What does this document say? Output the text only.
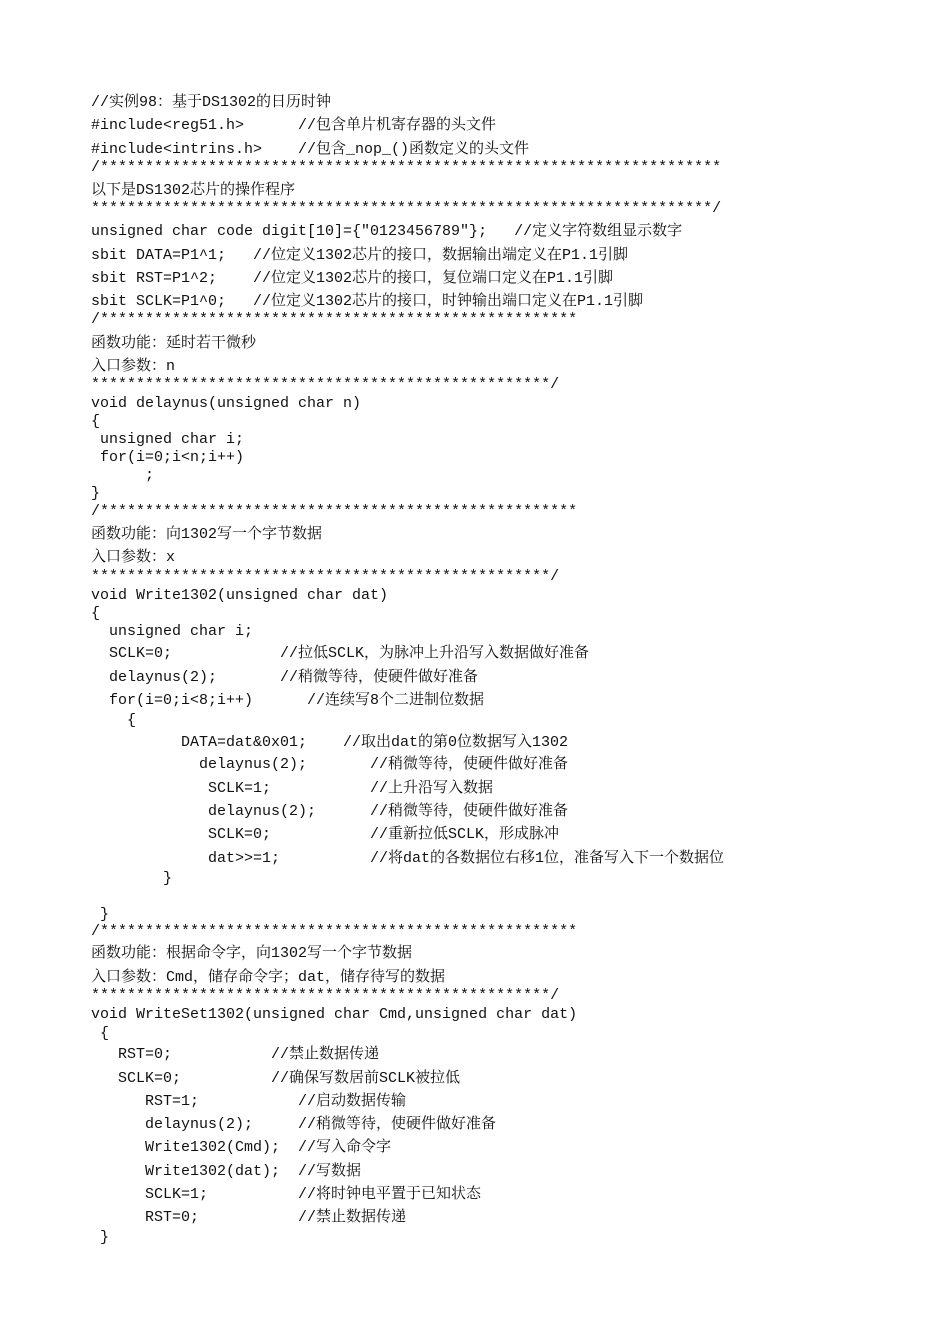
//实例98：基于DS1302的日历时钟
#include<reg51.h>      //包含单片机寄存器的头文件
#include<intrins.h>    //包含_nop_()函数定义的头文件
/*********************************************************************
以下是DS1302芯片的操作程序
*********************************************************************/
unsigned char code digit[10]={"0123456789"};   //定义字符数组显示数字
sbit DATA=P1^1;   //位定义1302芯片的接口，数据输出端定义在P1.1引脚
sbit RST=P1^2;    //位定义1302芯片的接口，复位端口定义在P1.1引脚
sbit SCLK=P1^0;   //位定义1302芯片的接口，时钟输出端口定义在P1.1引脚
/*****************************************************
函数功能：延时若干微秒
入口参数：n
***************************************************/
void delaynus(unsigned char n)
{
unsigned char i;
for(i=0;i<n;i++)
;
}
/*****************************************************
函数功能：向1302写一个字节数据
入口参数：x
***************************************************/
void Write1302(unsigned char dat)
{
unsigned char i;
SCLK=0;            //拉低SCLK，为脉冲上升沿写入数据做好准备
delaynus(2);       //稍微等待，使硬件做好准备
for(i=0;i<8;i++)      //连续写8个二进制位数据
{
DATA=dat&0x01;    //取出dat的第0位数据写入1302
delaynus(2);       //稍微等待，使硬件做好准备
SCLK=1;           //上升沿写入数据
delaynus(2);      //稍微等待，使硬件做好准备
SCLK=0;           //重新拉低SCLK，形成脉冲
dat>>=1;          //将dat的各数据位右移1位，准备写入下一个数据位
}
}
/*****************************************************
函数功能：根据命令字，向1302写一个字节数据
入口参数：Cmd，储存命令字；dat，储存待写的数据
***************************************************/
void WriteSet1302(unsigned char Cmd,unsigned char dat)
{
RST=0;           //禁止数据传递
SCLK=0;          //确保写数居前SCLK被拉低
RST=1;           //启动数据传输
delaynus(2);     //稍微等待，使硬件做好准备
Write1302(Cmd);  //写入命令字
Write1302(dat);  //写数据
SCLK=1;          //将时钟电平置于已知状态
RST=0;           //禁止数据传递
}
